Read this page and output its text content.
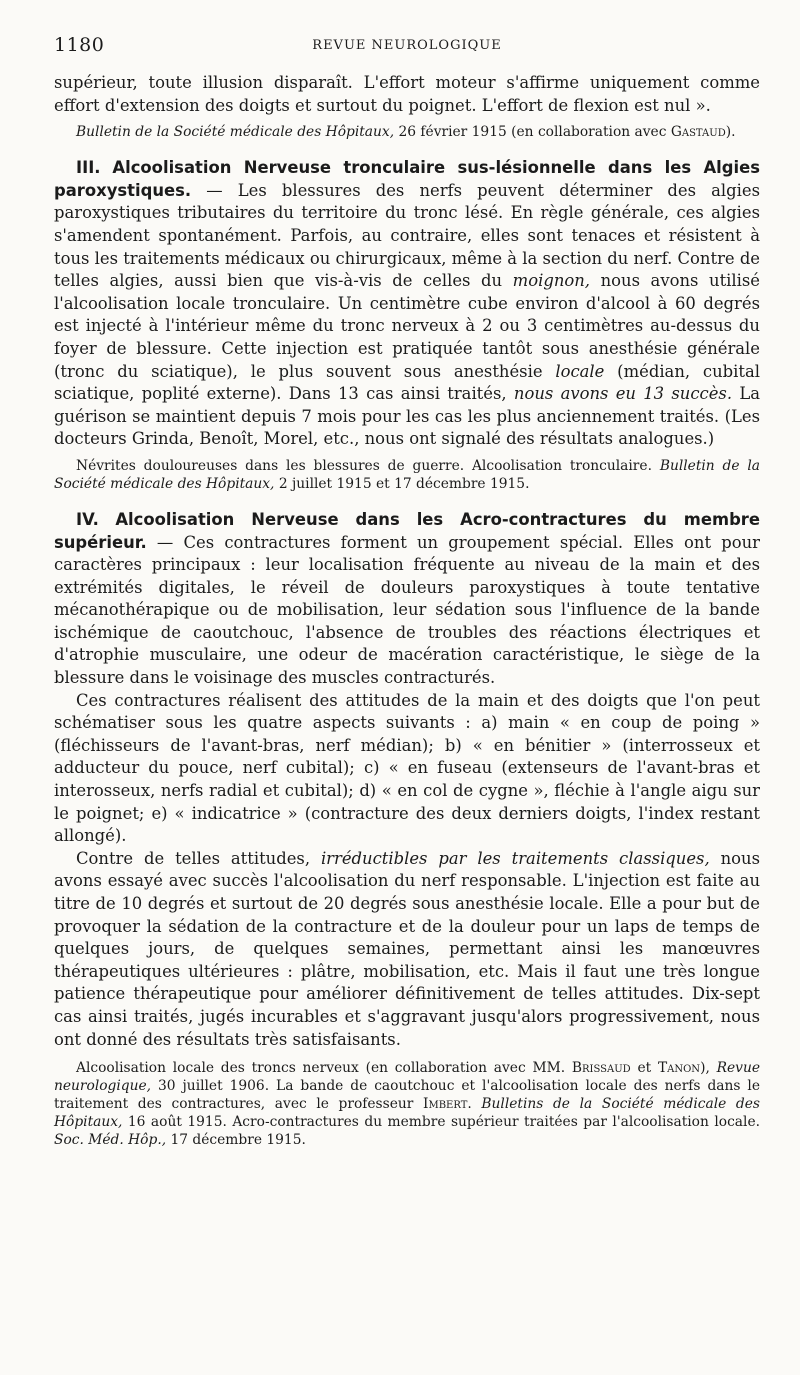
1180	REVUE NEUROLOGIQUE

supérieur, toute illusion disparaît. L'effort moteur s'affirme uniquement comme effort d'extension des doigts et surtout du poignet. L'effort de flexion est nul ».

Bulletin de la Société médicale des Hôpitaux, 26 février 1915 (en collaboration avec Gastaud).

III. Alcoolisation Nerveuse tronculaire sus-lésionnelle dans les Algies paroxystiques. — Les blessures des nerfs peuvent déterminer des algies paroxystiques tributaires du territoire du tronc lésé. En règle générale, ces algies s'amendent spontanément. Parfois, au contraire, elles sont tenaces et résistent à tous les traitements médicaux ou chirurgicaux, même à la section du nerf. Contre de telles algies, aussi bien que vis-à-vis de celles du moignon, nous avons utilisé l'alcoolisation locale tronculaire. Un centimètre cube environ d'alcool à 60 degrés est injecté à l'intérieur même du tronc nerveux à 2 ou 3 centimètres au-dessus du foyer de blessure. Cette injection est pratiquée tantôt sous anesthésie générale (tronc du sciatique), le plus souvent sous anesthésie locale (médian, cubital sciatique, poplité externe). Dans 13 cas ainsi traités, nous avons eu 13 succès. La guérison se maintient depuis 7 mois pour les cas les plus anciennement traités. (Les docteurs Grinda, Benoît, Morel, etc., nous ont signalé des résultats analogues.)

Névrites douloureuses dans les blessures de guerre. Alcoolisation tronculaire. Bulletin de la Société médicale des Hôpitaux, 2 juillet 1915 et 17 décembre 1915.

IV. Alcoolisation Nerveuse dans les Acro-contractures du membre supérieur. — Ces contractures forment un groupement spécial. Elles ont pour caractères principaux : leur localisation fréquente au niveau de la main et des extrémités digitales, le réveil de douleurs paroxystiques à toute tentative mécanothérapique ou de mobilisation, leur sédation sous l'influence de la bande ischémique de caoutchouc, l'absence de troubles des réactions électriques et d'atrophie musculaire, une odeur de macération caractéristique, le siège de la blessure dans le voisinage des muscles contracturés.

Ces contractures réalisent des attitudes de la main et des doigts que l'on peut schématiser sous les quatre aspects suivants : a) main « en coup de poing » (fléchisseurs de l'avant-bras, nerf médian); b) « en bénitier » (interrosseux et adducteur du pouce, nerf cubital); c) « en fuseau (extenseurs de l'avant-bras et interosseux, nerfs radial et cubital); d) « en col de cygne », fléchie à l'angle aigu sur le poignet; e) « indicatrice » (contracture des deux derniers doigts, l'index restant allongé).

Contre de telles attitudes, irréductibles par les traitements classiques, nous avons essayé avec succès l'alcoolisation du nerf responsable. L'injection est faite au titre de 10 degrés et surtout de 20 degrés sous anesthésie locale. Elle a pour but de provoquer la sédation de la contracture et de la douleur pour un laps de temps de quelques jours, de quelques semaines, permettant ainsi les manœuvres thérapeutiques ultérieures : plâtre, mobilisation, etc. Mais il faut une très longue patience thérapeutique pour améliorer définitivement de telles attitudes. Dix-sept cas ainsi traités, jugés incurables et s'aggravant jusqu'alors progressivement, nous ont donné des résultats très satisfaisants.

Alcoolisation locale des troncs nerveux (en collaboration avec MM. Brissaud et Tanon), Revue neurologique, 30 juillet 1906. La bande de caoutchouc et l'alcoolisation locale des nerfs dans le traitement des contractures, avec le professeur Imbert. Bulletins de la Société médicale des Hôpitaux, 16 août 1915. Acro-contractures du membre supérieur traitées par l'alcoolisation locale. Soc. Méd. Hôp., 17 décembre 1915.
